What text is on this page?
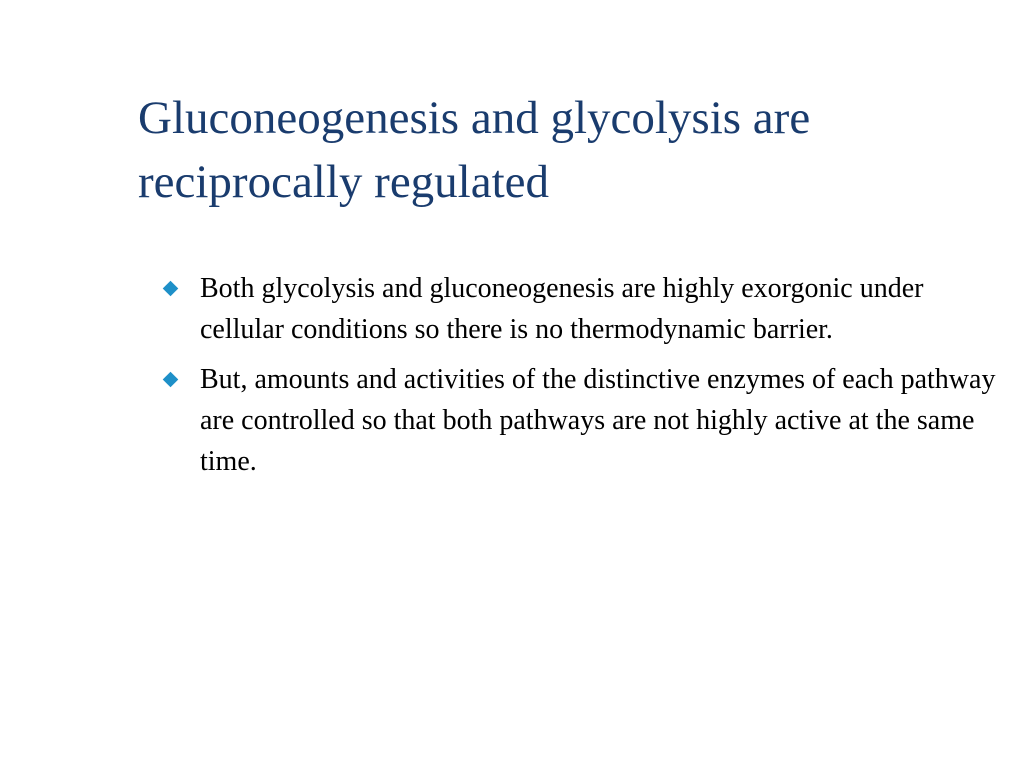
Gluconeogenesis and glycolysis are reciprocally regulated
Both glycolysis and gluconeogenesis are highly exorgonic under cellular conditions so there is no thermodynamic barrier.
But, amounts and activities of the distinctive enzymes of each pathway are controlled so that both pathways are not highly active at the same time.
